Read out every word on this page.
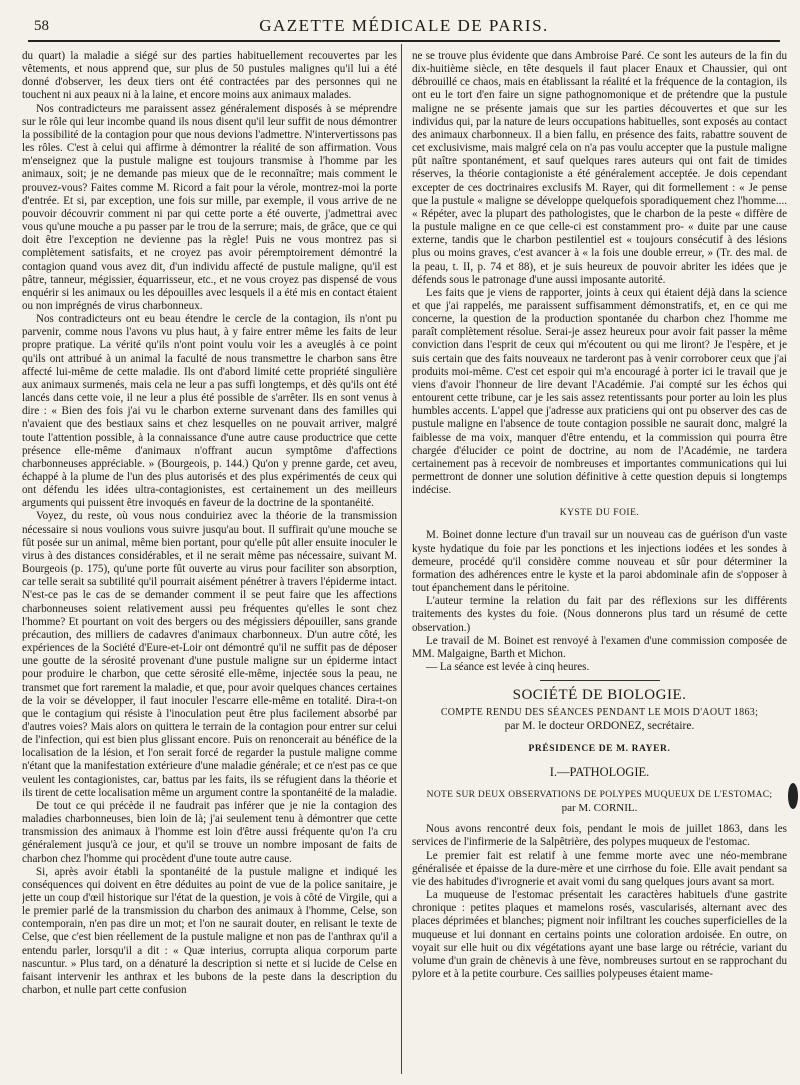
58	GAZETTE MÉDICALE DE PARIS.

du quart) la maladie a siégé sur des parties habituellement recouvertes par les vêtements, et nous apprend que, sur plus de 50 pustules malignes qu'il lui a été donné d'observer, les deux tiers ont été contractées par des personnes qui ne touchent ni aux peaux ni à la laine, et encore moins aux animaux malades.

Nos contradicteurs me paraissent assez généralement disposés à se méprendre sur le rôle qui leur incombe quand ils nous disent qu'il leur suffit de nous démontrer la possibilité de la contagion pour que nous devions l'admettre. N'intervertissons pas les rôles. C'est à celui qui affirme à démontrer la réalité de son affirmation. Vous m'enseignez que la pustule maligne est toujours transmise à l'homme par les animaux, soit; je ne demande pas mieux que de le reconnaître; mais comment le prouvez-vous? Faites comme M. Ricord a fait pour la vérole, montrez-moi la porte d'entrée. Et si, par exception, une fois sur mille, par exemple, il vous arrive de ne pouvoir découvrir comment ni par qui cette porte a été ouverte, j'admettrai avec vous qu'une mouche a pu passer par le trou de la serrure; mais, de grâce, que ce qui doit être l'exception ne devienne pas la règle! Puis ne vous montrez pas si complètement satisfaits, et ne croyez pas avoir péremptoirement démontré la contagion quand vous avez dit, d'un individu affecté de pustule maligne, qu'il est pâtre, tanneur, mégissier, équarrisseur, etc., et ne vous croyez pas dispensé de vous enquérir si les animaux ou les dépouilles avec lesquels il a été mis en contact étaient ou non imprégnés de virus charbonneux.

Nos contradicteurs ont eu beau étendre le cercle de la contagion, ils n'ont pu parvenir, comme nous l'avons vu plus haut, à y faire entrer même les faits de leur propre pratique. La vérité qu'ils n'ont point voulu voir les a aveuglés à ce point qu'ils ont attribué à un animal la faculté de nous transmettre le charbon sans être affecté lui-même de cette maladie. Ils ont d'abord limité cette propriété singulière aux animaux surmenés, mais cela ne leur a pas suffi longtemps, et dès qu'ils ont été lancés dans cette voie, il ne leur a plus été possible de s'arrêter. Ils en sont venus à dire : « Bien des fois j'ai vu le charbon externe survenant dans des familles qui n'avaient que des bestiaux sains et chez lesquelles on ne pouvait arriver, malgré toute l'attention possible, à la connaissance d'une autre cause productrice que cette présence elle-même d'animaux n'offrant aucun symptôme d'affections charbonneuses appréciable. » (Bourgeois, p. 144.) Qu'on y prenne garde, cet aveu, échappé à la plume de l'un des plus autorisés et des plus expérimentés de ceux qui ont défendu les idées ultra-contagionistes, est certainement un des meilleurs arguments qui puissent être invoqués en faveur de la doctrine de la spontanéité.

Voyez, du reste, où vous nous conduiriez avec la théorie de la transmission nécessaire si nous voulions vous suivre jusqu'au bout. Il suffirait qu'une mouche se fût posée sur un animal, même bien portant, pour qu'elle pût aller ensuite inoculer le virus à des distances considérables, et il ne serait même pas nécessaire, suivant M. Bourgeois (p. 175), qu'une porte fût ouverte au virus pour faciliter son absorption, car telle serait sa subtilité qu'il pourrait aisément pénétrer à travers l'épiderme intact. N'est-ce pas le cas de se demander comment il se peut faire que les affections charbonneuses soient relativement aussi peu fréquentes qu'elles le sont chez l'homme? Et pourtant on voit des bergers ou des mégissiers dépouiller, sans grande précaution, des milliers de cadavres d'animaux charbonneux. D'un autre côté, les expériences de la Société d'Eure-et-Loir ont démontré qu'il ne suffit pas de déposer une goutte de la sérosité provenant d'une pustule maligne sur un épiderme intact pour produire le charbon, que cette sérosité elle-même, injectée sous la peau, ne transmet que fort rarement la maladie, et que, pour avoir quelques chances certaines de la voir se développer, il faut inoculer l'escarre elle-même en totalité. Dira-t-on que le contagium qui résiste à l'inoculation peut être plus facilement absorbé par d'autres voies? Mais alors on quittera le terrain de la contagion pour entrer sur celui de l'infection, qui est bien plus glissant encore. Puis on renoncerait au bénéfice de la localisation de la lésion, et l'on serait forcé de regarder la pustule maligne comme n'étant que la manifestation extérieure d'une maladie générale; et ce n'est pas ce que veulent les contagionistes, car, battus par les faits, ils se réfugient dans la théorie et ils tirent de cette localisation même un argument contre la spontanéité de la maladie.

De tout ce qui précède il ne faudrait pas inférer que je nie la contagion des maladies charbonneuses, bien loin de là; j'ai seulement tenu à démontrer que cette transmission des animaux à l'homme est loin d'être aussi fréquente qu'on l'a cru généralement jusqu'à ce jour, et qu'il se trouve un nombre imposant de faits de charbon chez l'homme qui procèdent d'une toute autre cause.

Si, après avoir établi la spontanéité de la pustule maligne et indiqué les conséquences qui doivent en être déduites au point de vue de la police sanitaire, je jette un coup d'œil historique sur l'état de la question, je vois à côté de Virgile, qui a le premier parlé de la transmission du charbon des animaux à l'homme, Celse, son contemporain, n'en pas dire un mot; et l'on ne saurait douter, en relisant le texte de Celse, que c'est bien réellement de la pustule maligne et non pas de l'anthrax qu'il a entendu parler, lorsqu'il a dit : « Quæ interius, corrupta aliqua corporum parte nascuntur. » Plus tard, on a dénaturé la description si nette et si lucide de Celse en faisant intervenir les anthrax et les bubons de la peste dans la description du charbon, et nulle part cette confusion

ne se trouve plus évidente que dans Ambroise Paré. Ce sont les auteurs de la fin du dix-huitième siècle, en tête desquels il faut placer Enaux et Chaussier, qui ont débrouillé ce chaos, mais en établissant la réalité et la fréquence de la contagion, ils ont eu le tort d'en faire un signe pathognomonique et de prétendre que la pustule maligne ne se présente jamais que sur les parties découvertes et que sur les individus qui, par la nature de leurs occupations habituelles, sont exposés au contact des animaux charbonneux. Il a bien fallu, en présence des faits, rabattre souvent de cet exclusivisme, mais malgré cela on n'a pas voulu accepter que la pustule maligne pût naître spontanément, et sauf quelques rares auteurs qui ont fait de timides réserves, la théorie contagioniste a été généralement acceptée. Je dois cependant excepter de ces doctrinaires exclusifs M. Rayer, qui dit formellement : « Je pense que la pustule « maligne se développe quelquefois sporadiquement chez l'homme.... « Répéter, avec la plupart des pathologistes, que le charbon de la peste « diffère de la pustule maligne en ce que celle-ci est constamment pro- « duite par une cause externe, tandis que le charbon pestilentiel est « toujours consécutif à des lésions plus ou moins graves, c'est avancer à « la fois une double erreur, » (Tr. des mal. de la peau, t. II, p. 74 et 88), et je suis heureux de pouvoir abriter les idées que je défends sous le patronage d'une aussi imposante autorité.

Les faits que je viens de rapporter, joints à ceux qui étaient déjà dans la science et que j'ai rappelés, me paraissent suffisamment démonstratifs, et, en ce qui me concerne, la question de la production spontanée du charbon chez l'homme me paraît complètement résolue. Serai-je assez heureux pour avoir fait passer la même conviction dans l'esprit de ceux qui m'écoutent ou qui me liront? Je l'espère, et je suis certain que des faits nouveaux ne tarderont pas à venir corroborer ceux que j'ai produits moi-même. C'est cet espoir qui m'a encouragé à porter ici le travail que je viens d'avoir l'honneur de lire devant l'Académie. J'ai compté sur les échos qui entourent cette tribune, car je les sais assez retentissants pour porter au loin les plus humbles accents. L'appel que j'adresse aux praticiens qui ont pu observer des cas de pustule maligne en l'absence de toute contagion possible ne saurait donc, malgré la faiblesse de ma voix, manquer d'être entendu, et la commission qui pourra être chargée d'élucider ce point de doctrine, au nom de l'Académie, ne tardera certainement pas à recevoir de nombreuses et importantes communications qui lui permettront de donner une solution définitive à cette question depuis si longtemps indécise.

KYSTE DU FOIE.

M. Boinet donne lecture d'un travail sur un nouveau cas de guérison d'un vaste kyste hydatique du foie par les ponctions et les injections iodées et les sondes à demeure, procédé qu'il considère comme nouveau et sûr pour déterminer la formation des adhérences entre le kyste et la paroi abdominale afin de s'opposer à tout épanchement dans le péritoine.

L'auteur termine la relation du fait par des réflexions sur les différents traitements des kystes du foie. (Nous donnerons plus tard un résumé de cette observation.)

Le travail de M. Boinet est renvoyé à l'examen d'une commission composée de MM. Malgaigne, Barth et Michon.

— La séance est levée à cinq heures.

SOCIÉTÉ DE BIOLOGIE.
COMPTE RENDU DES SÉANCES PENDANT LE MOIS D'AOUT 1863;
par M. le docteur ORDONEZ, secrétaire.
PRÉSIDENCE DE M. RAYER.
I.—PATHOLOGIE.
NOTE SUR DEUX OBSERVATIONS DE POLYPES MUQUEUX DE L'ESTOMAC;
par M. CORNIL.

Nous avons rencontré deux fois, pendant le mois de juillet 1863, dans les services de l'infirmerie de la Salpêtrière, des polypes muqueux de l'estomac.

Le premier fait est relatif à une femme morte avec une néo-membrane généralisée et épaisse de la dure-mère et une cirrhose du foie. Elle avait pendant sa vie des habitudes d'ivrognerie et avait vomi du sang quelques jours avant sa mort.

La muqueuse de l'estomac présentait les caractères habituels d'une gastrite chronique : petites plaques et mamelons rosés, vascularisés, alternant avec des places déprimées et blanches; pigment noir infiltrant les couches superficielles de la muqueuse et lui donnant en certains points une coloration ardoisée. En outre, on voyait sur elle huit ou dix végétations ayant une base large ou rétrécie, variant du volume d'un grain de chènevis à une fève, nombreuses surtout en se rapprochant du pylore et à la petite courbure. Ces saillies polypeuses étaient mame-
